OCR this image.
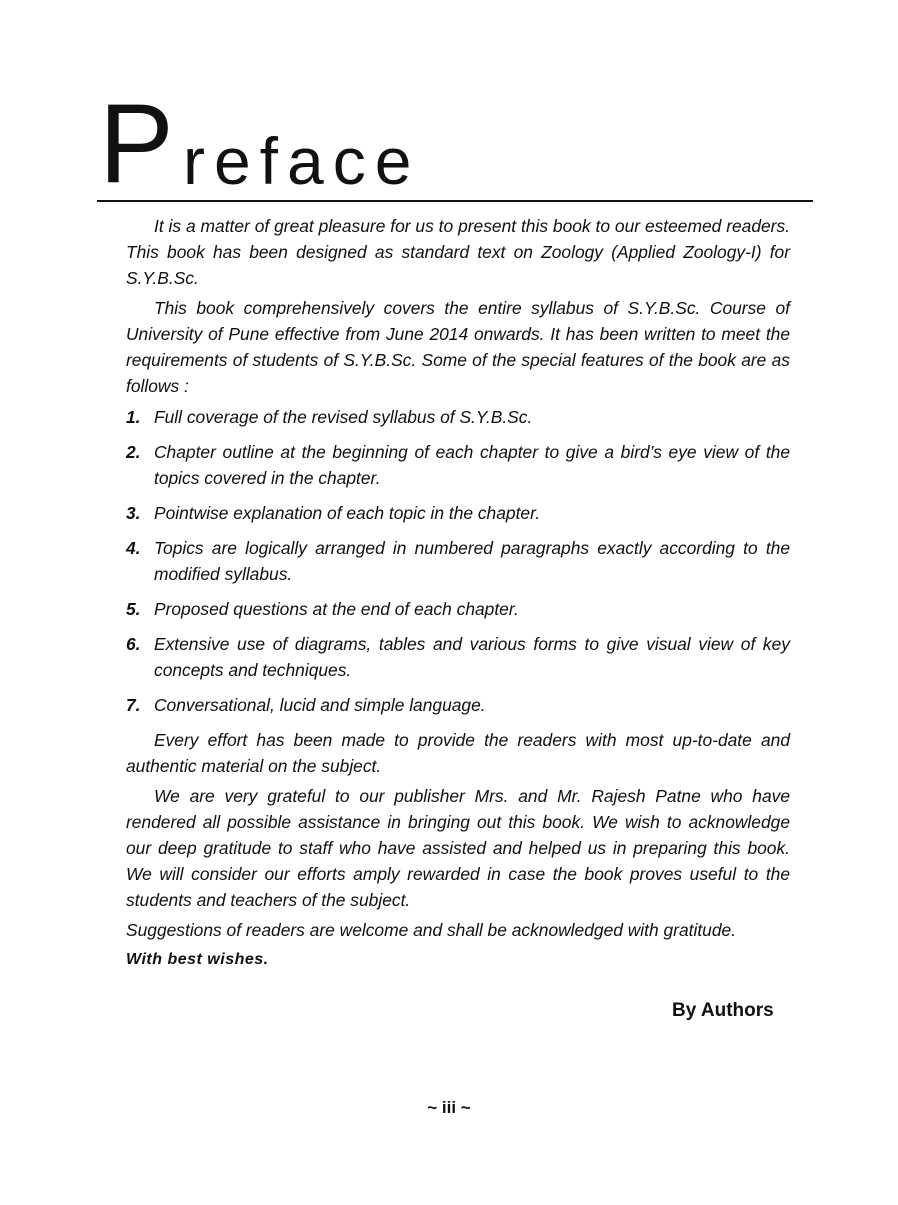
P reface

It is a matter of great pleasure for us to present this book to our esteemed readers. This book has been designed as standard text on Zoology (Applied Zoology-I) for S.Y.B.Sc.

This book comprehensively covers the entire syllabus of S.Y.B.Sc. Course of University of Pune effective from June 2014 onwards. It has been written to meet the requirements of students of S.Y.B.Sc. Some of the special features of the book are as follows :

1. Full coverage of the revised syllabus of S.Y.B.Sc.
2. Chapter outline at the beginning of each chapter to give a bird’s eye view of the topics covered in the chapter.
3. Pointwise explanation of each topic in the chapter.
4. Topics are logically arranged in numbered paragraphs exactly according to the modified syllabus.
5. Proposed questions at the end of each chapter.
6. Extensive use of diagrams, tables and various forms to give visual view of key concepts and techniques.
7. Conversational, lucid and simple language.

Every effort has been made to provide the readers with most up-to-date and authentic material on the subject.

We are very grateful to our publisher Mrs. and Mr. Rajesh Patne who have rendered all possible assistance in bringing out this book. We wish to acknowledge our deep gratitude to staff who have assisted and helped us in preparing this book. We will consider our efforts amply rewarded in case the book proves useful to the students and teachers of the subject.

Suggestions of readers are welcome and shall be acknowledged with gratitude.

With best wishes.

By Authors
~ iii ~
